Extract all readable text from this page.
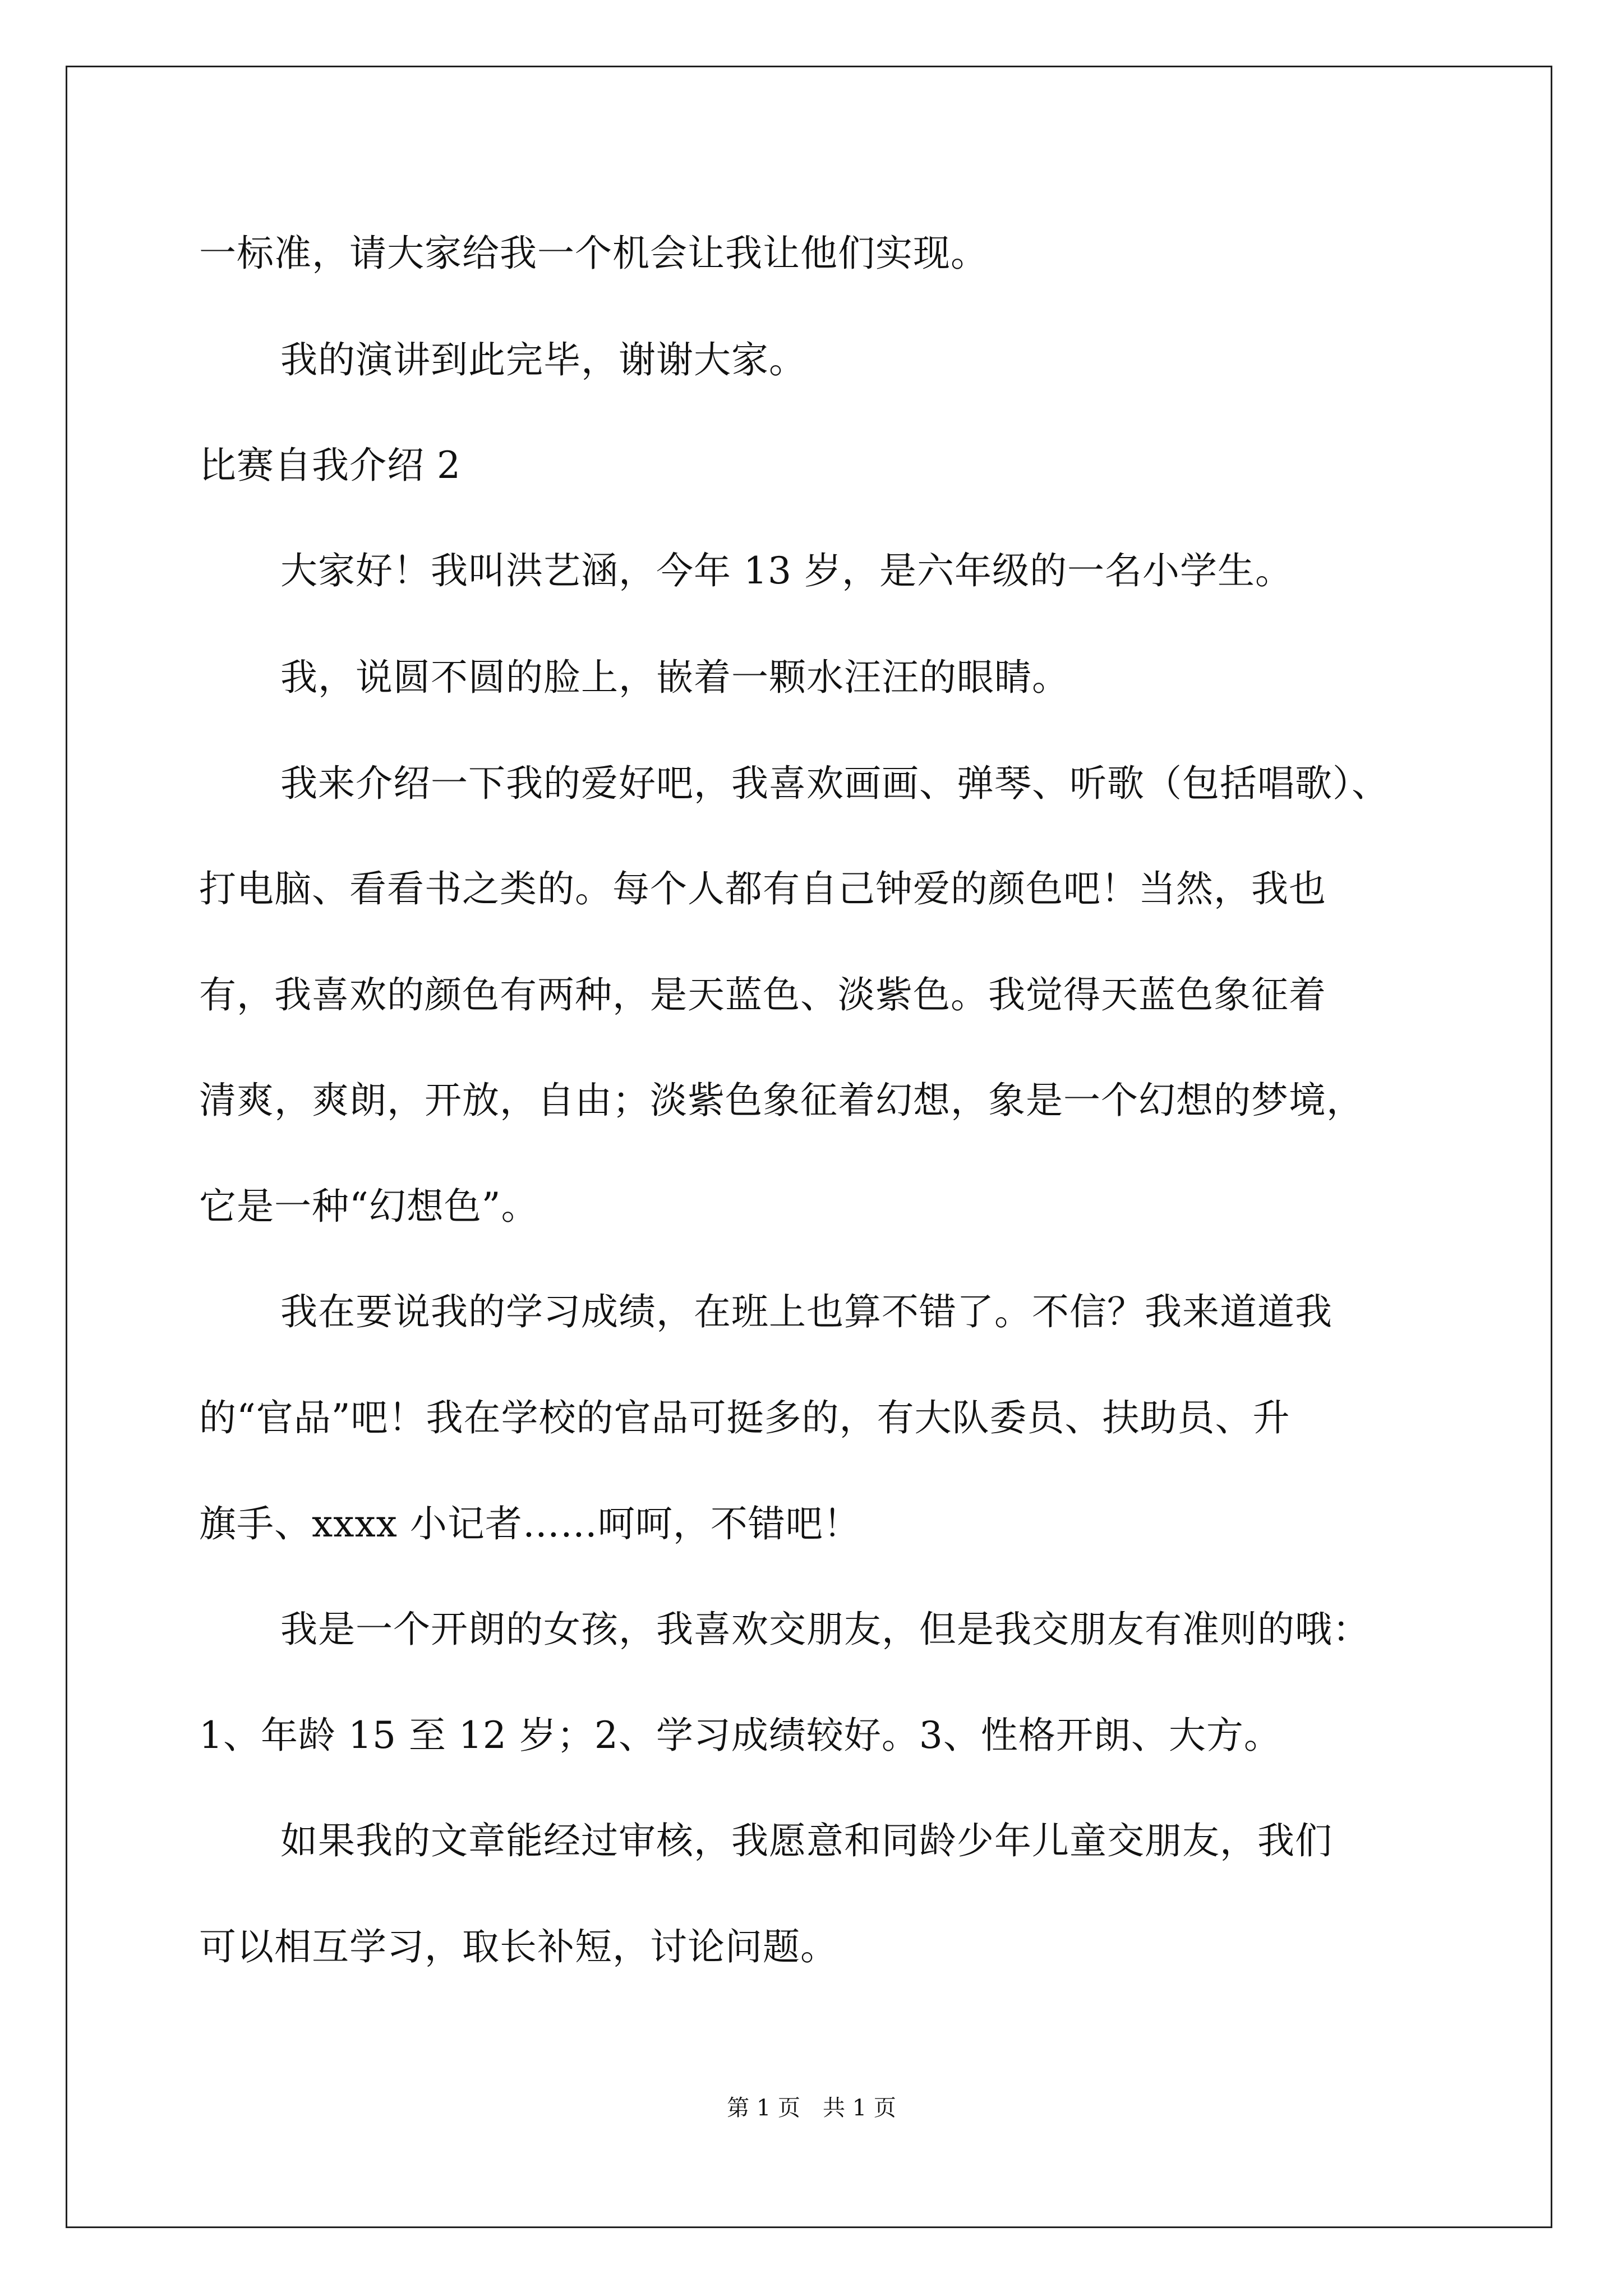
一标准，请大家给我一个机会让我让他们实现。
我的演讲到此完毕，谢谢大家。
比赛自我介绍 2
大家好！我叫洪艺涵，今年 13 岁，是六年级的一名小学生。
我，说圆不圆的脸上，嵌着一颗水汪汪的眼睛。
我来介绍一下我的爱好吧，我喜欢画画、弹琴、听歌（包括唱歌）、
打电脑、看看书之类的。每个人都有自己钟爱的颜色吧！当然，我也
有，我喜欢的颜色有两种，是天蓝色、淡紫色。我觉得天蓝色象征着
清爽，爽朗，开放，自由；淡紫色象征着幻想，象是一个幻想的梦境，
它是一种“幻想色”。
我在要说我的学习成绩，在班上也算不错了。不信？我来道道我
的“官品”吧！我在学校的官品可挺多的，有大队委员、扶助员、升
旗手、xxxx 小记者……呵呵，不错吧！
我是一个开朗的女孩，我喜欢交朋友，但是我交朋友有准则的哦：
1、年龄 15 至 12 岁；2、学习成绩较好。3、性格开朗、大方。
如果我的文章能经过审核，我愿意和同龄少年儿童交朋友，我们
可以相互学习，取长补短，讨论问题。
第 1 页　共 1 页
